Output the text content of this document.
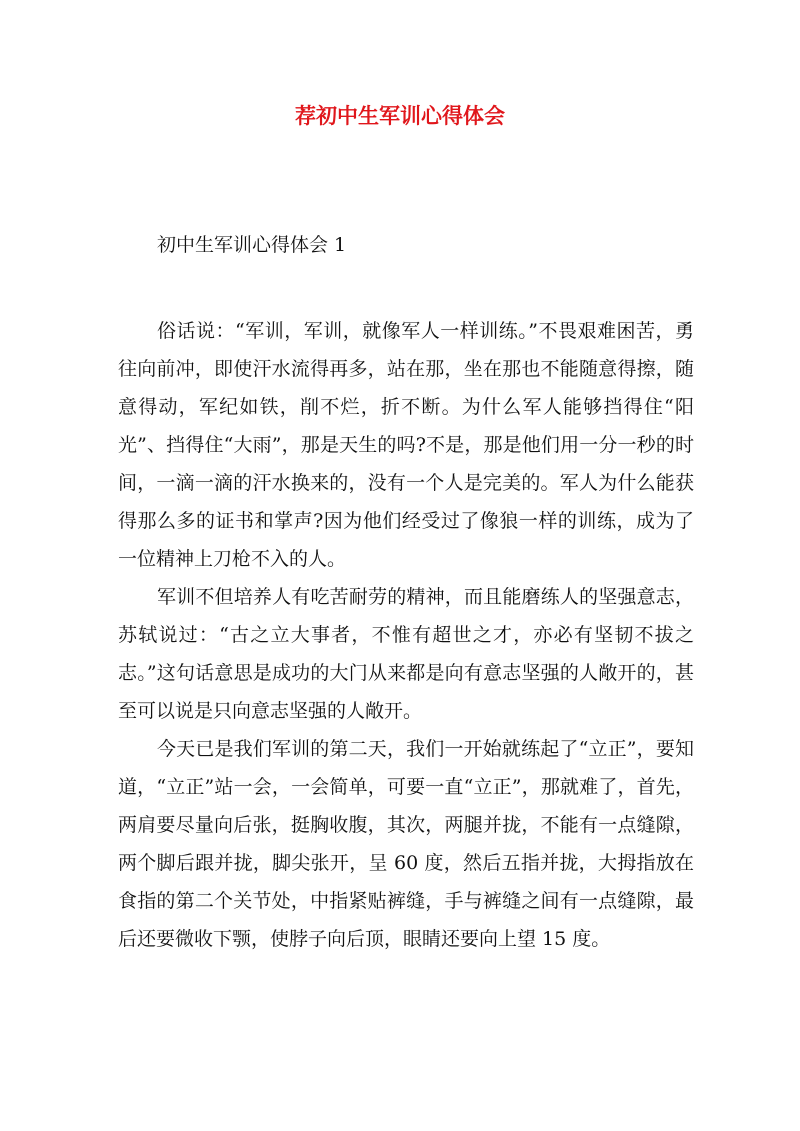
荐初中生军训心得体会
初中生军训心得体会 1

俗话说：“军训，军训，就像军人一样训练。”不畏艰难困苦，勇往向前冲，即使汗水流得再多，站在那，坐在那也不能随意得擦，随意得动，军纪如铁，削不烂，折不断。为什么军人能够挡得住“阳光”、挡得住“大雨”，那是天生的吗?不是，那是他们用一分一秒的时间，一滴一滴的汗水换来的，没有一个人是完美的。军人为什么能获得那么多的证书和掌声?因为他们经受过了像狼一样的训练，成为了一位精神上刀枪不入的人。

军训不但培养人有吃苦耐劳的精神，而且能磨练人的坚强意志，苏轼说过：“古之立大事者，不惟有超世之才，亦必有坚韧不拔之志。”这句话意思是成功的大门从来都是向有意志坚强的人敞开的，甚至可以说是只向意志坚强的人敞开。

今天已是我们军训的第二天，我们一开始就练起了“立正”，要知道，“立正”站一会，一会简单，可要一直“立正”，那就难了，首先，两肩要尽量向后张，挺胸收腹，其次，两腿并拢，不能有一点缝隙，两个脚后跟并拢，脚尖张开，呈 60 度，然后五指并拢，大拇指放在食指的第二个关节处，中指紧贴裤缝，手与裤缝之间有一点缝隙，最后还要微收下颚，使脖子向后顶，眼睛还要向上望 15 度。
